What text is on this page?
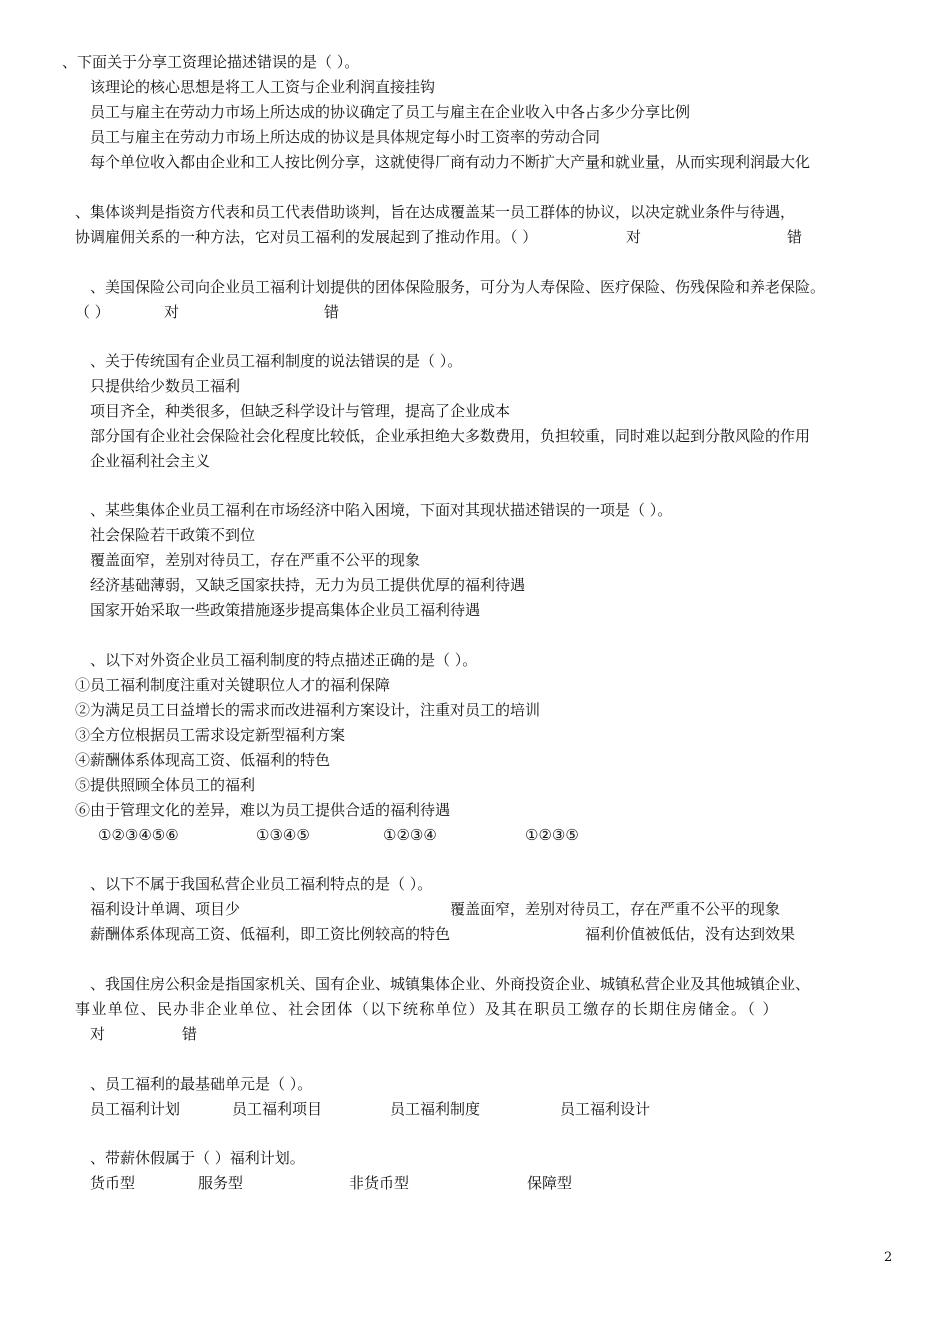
、下面关于分享工资理论描述错误的是（ ）。
该理论的核心思想是将工人工资与企业利润直接挂钩
员工与雇主在劳动力市场上所达成的协议确定了员工与雇主在企业收入中各占多少分享比例
员工与雇主在劳动力市场上所达成的协议是具体规定每小时工资率的劳动合同
每个单位收入都由企业和工人按比例分享，这就使得厂商有动力不断扩大产量和就业量，从而实现利润最大化
、集体谈判是指资方代表和员工代表借助谈判，旨在达成覆盖某一员工群体的协议，以决定就业条件与待遇，
协调雇佣关系的一种方法，它对员工福利的发展起到了推动作用。（ ）	对	错
、美国保险公司向企业员工福利计划提供的团体保险服务，可分为人寿保险、医疗保险、伤残保险和养老保险。
（ ）	对	错
、关于传统国有企业员工福利制度的说法错误的是（ ）。
只提供给少数员工福利
项目齐全，种类很多，但缺乏科学设计与管理，提高了企业成本
部分国有企业社会保险社会化程度比较低，企业承担绝大多数费用，负担较重，同时难以起到分散风险的作用
企业福利社会主义
、某些集体企业员工福利在市场经济中陷入困境，下面对其现状描述错误的一项是（ ）。
社会保险若干政策不到位
覆盖面窄，差别对待员工，存在严重不公平的现象
经济基础薄弱，又缺乏国家扶持，无力为员工提供优厚的福利待遇
国家开始采取一些政策措施逐步提高集体企业员工福利待遇
、以下对外资企业员工福利制度的特点描述正确的是（ ）。
①员工福利制度注重对关键职位人才的福利保障
②为满足员工日益增长的需求而改进福利方案设计，注重对员工的培训
③全方位根据员工需求设定新型福利方案
④薪酬体系体现高工资、低福利的特色
⑤提供照顾全体员工的福利
⑥由于管理文化的差异，难以为员工提供合适的福利待遇
①②③④⑤⑥	①③④⑤	①②③④	①②③⑤
、以下不属于我国私营企业员工福利特点的是（ ）。
福利设计单调、项目少	覆盖面窄，差别对待员工，存在严重不公平的现象
薪酬体系体现高工资、低福利，即工资比例较高的特色	福利价值被低估，没有达到效果
、我国住房公积金是指国家机关、国有企业、城镇集体企业、外商投资企业、城镇私营企业及其他城镇企业、
事业单位、民办非企业单位、社会团体（以下统称单位）及其在职员工缴存的长期住房储金。（ ）
对	错
、员工福利的最基础单元是（ ）。
员工福利计划	员工福利项目	员工福利制度	员工福利设计
、带薪休假属于（ ）福利计划。
货币型	服务型	非货币型	保障型
2
